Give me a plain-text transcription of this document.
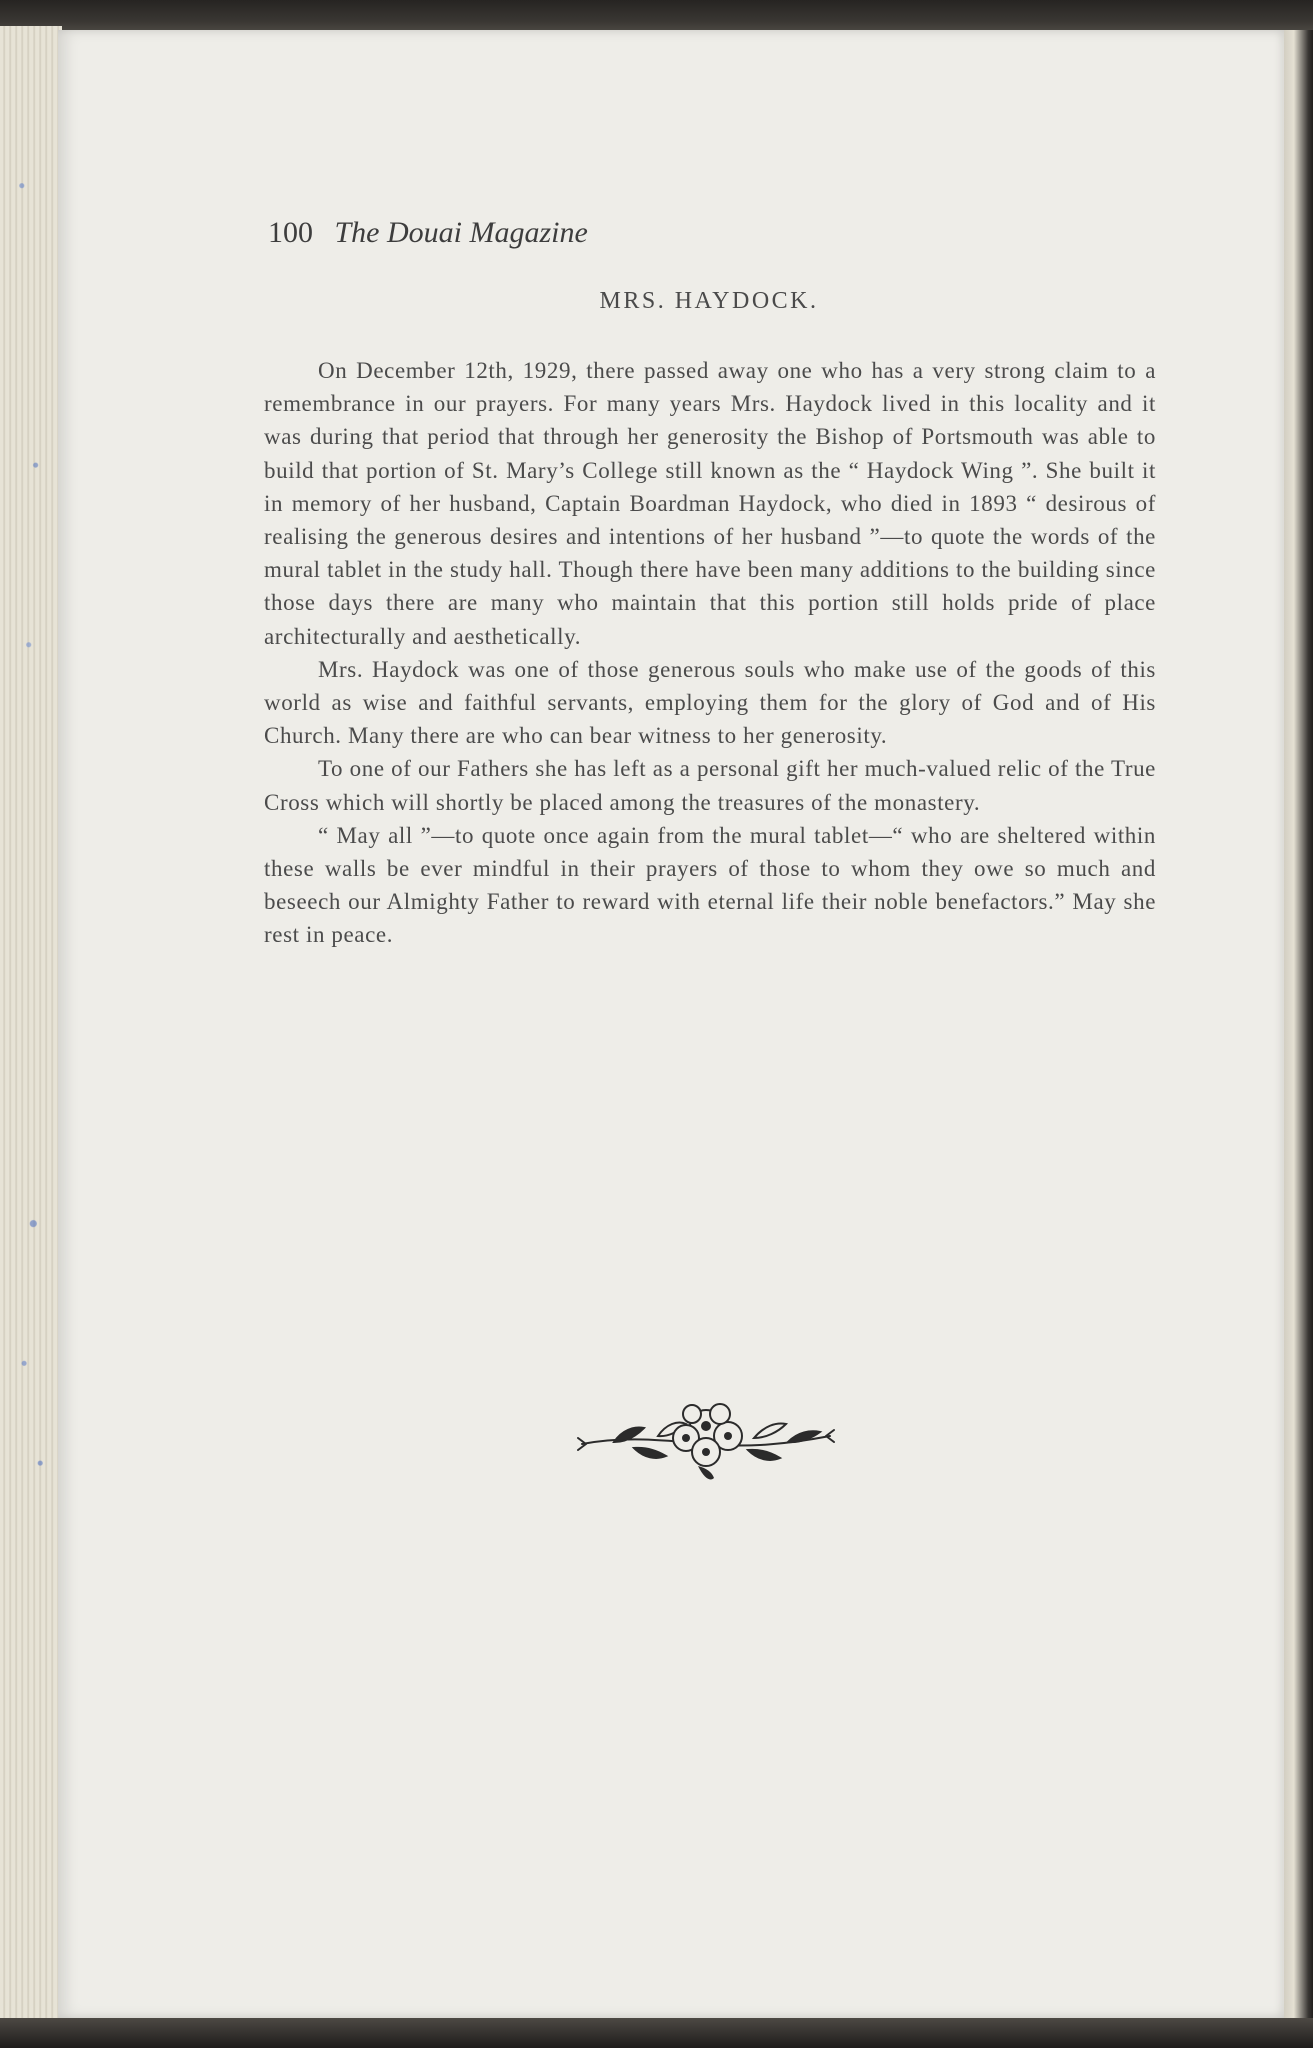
100 The Douai Magazine
MRS. HAYDOCK.

On December 12th, 1929, there passed away one who has a very strong claim to a remembrance in our prayers. For many years Mrs. Haydock lived in this locality and it was during that period that through her generosity the Bishop of Portsmouth was able to build that portion of St. Mary’s College still known as the “ Haydock Wing ”. She built it in memory of her husband, Captain Boardman Haydock, who died in 1893 “ desirous of realising the generous desires and intentions of her husband ”—to quote the words of the mural tablet in the study hall. Though there have been many additions to the building since those days there are many who maintain that this portion still holds pride of place architecturally and aesthetically.

Mrs. Haydock was one of those generous souls who make use of the goods of this world as wise and faithful servants, employing them for the glory of God and of His Church. Many there are who can bear witness to her generosity.

To one of our Fathers she has left as a personal gift her much-valued relic of the True Cross which will shortly be placed among the treasures of the monastery.

“ May all ”—to quote once again from the mural tablet—“ who are sheltered within these walls be ever mindful in their prayers of those to whom they owe so much and beseech our Almighty Father to reward with eternal life their noble benefactors.” May she rest in peace.
